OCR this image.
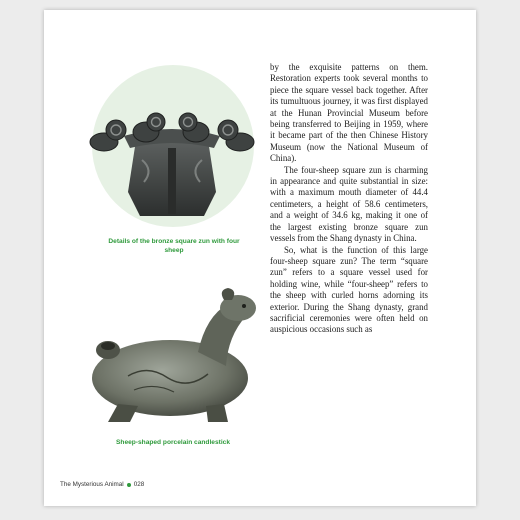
Details of the bronze square zun with four sheep
Sheep-shaped porcelain candlestick

by the exquisite patterns on them. Restoration experts took several months to piece the square vessel back together. After its tumultuous journey, it was first displayed at the Hunan Provincial Museum before being transferred to Beijing in 1959, where it became part of the then Chinese History Museum (now the National Museum of China).

The four-sheep square zun is charming in appearance and quite substantial in size: with a maximum mouth diameter of 44.4 centimeters, a height of 58.6 centimeters, and a weight of 34.6 kg, making it one of the largest existing bronze square zun vessels from the Shang dynasty in China.

So, what is the function of this large four-sheep square zun? The term “square zun” refers to a square vessel used for holding wine, while “four-sheep” refers to the sheep with curled horns adorning its exterior. During the Shang dynasty, grand sacrificial ceremonies were often held on auspicious occasions such as

The Mysterious Animal 028
